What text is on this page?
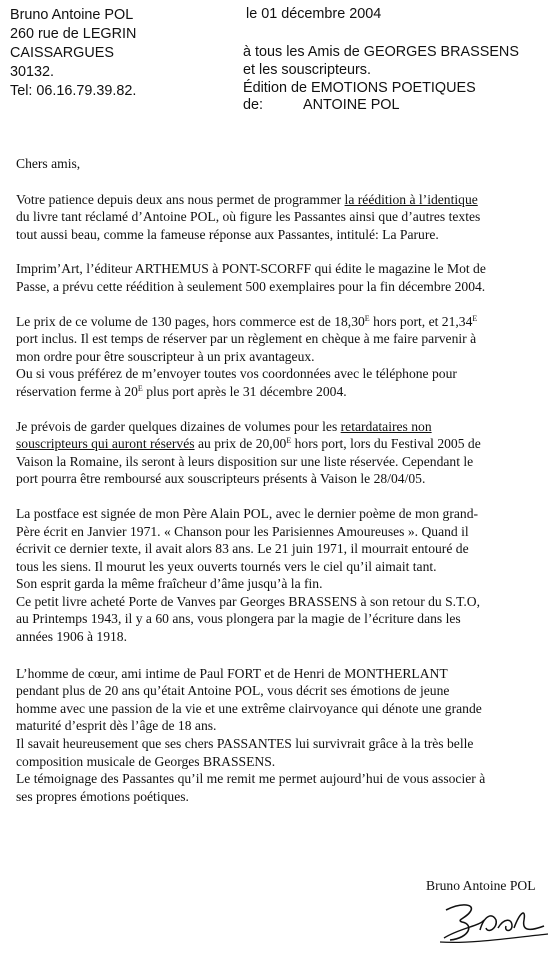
Bruno Antoine POL
260 rue de LEGRIN
CAISSARGUES
30132.
Tel: 06.16.79.39.82.
le 01 décembre 2004
à tous les Amis de GEORGES BRASSENS
et les souscripteurs.
Édition de EMOTIONS POETIQUES
de:	ANTOINE POL

Chers amis,

Votre patience depuis deux ans nous permet de programmer la réédition à l’identique
du livre tant réclamé d’Antoine POL, où figure les Passantes ainsi que d’autres textes
tout aussi beau, comme la fameuse réponse aux Passantes, intitulé: La Parure.

Imprim’Art, l’éditeur ARTHEMUS à PONT-SCORFF qui édite le magazine le Mot de
Passe, a prévu cette réédition à seulement 500 exemplaires pour la fin décembre 2004.

Le prix de ce volume de 130 pages, hors commerce est de $18,30^E$ hors port, et $21,34^E$
port inclus. Il est temps de réserver par un règlement en chèque à me faire parvenir à
mon ordre pour être souscripteur à un prix avantageux.
Ou si vous préférez de m’envoyer toutes vos coordonnées avec le téléphone pour
réservation ferme à $20^E$ plus port après le 31 décembre 2004.

Je prévois de garder quelques dizaines de volumes pour les retardataires non
souscripteurs qui auront réservés au prix de $20,00^E$ hors port, lors du Festival 2005 de
Vaison la Romaine, ils seront à leurs disposition sur une liste réservée. Cependant le
port pourra être remboursé aux souscripteurs présents à Vaison le 28/04/05.

La postface est signée de mon Père Alain POL, avec le dernier poème de mon grand-
Père écrit en Janvier 1971. « Chanson pour les Parisiennes Amoureuses ». Quand il
écrivit ce dernier texte, il avait alors 83 ans. Le 21 juin 1971, il mourrait entouré de
tous les siens. Il mourut les yeux ouverts tournés vers le ciel qu’il aimait tant.
Son esprit garda la même fraîcheur d’âme jusqu’à la fin.
Ce petit livre acheté Porte de Vanves par Georges BRASSENS à son retour du S.T.O,
au Printemps 1943, il y a 60 ans, vous plongera par la magie de l’écriture dans les
années 1906 à 1918.

L’homme de cœur, ami intime de Paul FORT et de Henri de MONTHERLANT
pendant plus de 20 ans qu’était Antoine POL, vous décrit ses émotions de jeune
homme avec une passion de la vie et une extrême clairvoyance qui dénote une grande
maturité d’esprit dès l’âge de 18 ans.
Il savait heureusement que ses chers PASSANTES lui survivrait grâce à la très belle
composition musicale de Georges BRASSENS.
Le témoignage des Passantes qu’il me remit me permet aujourd’hui de vous associer à
ses propres émotions poétiques.

Bruno Antoine POL
